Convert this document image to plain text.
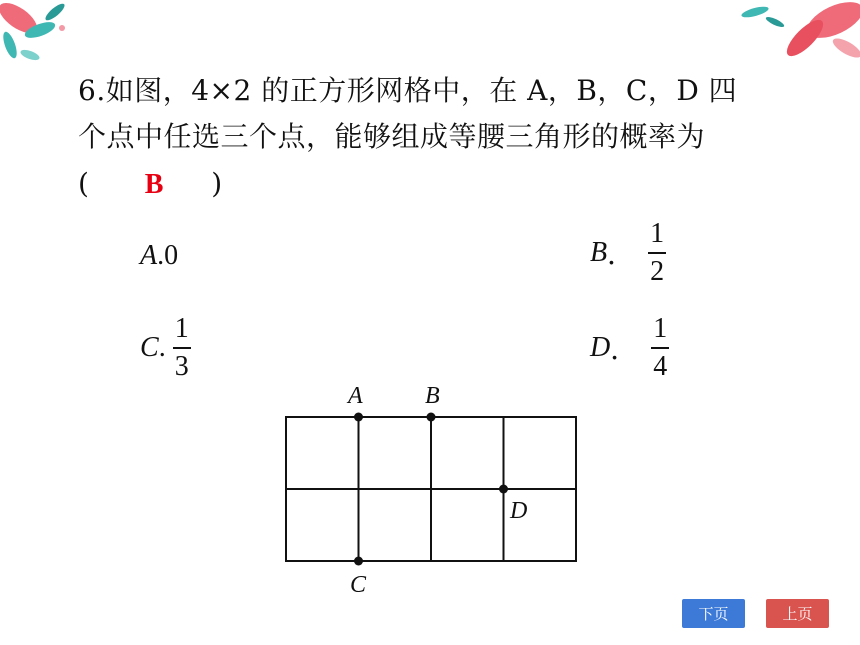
6.如图，4×2 的正方形网格中，在 A，B，C，D 四
个点中任选三个点，能够组成等腰三角形的概率为
( B )
A.0	B． $\frac{1}{2}$
C. $\frac{1}{3}$	D． $\frac{1}{4}$
A	B
C
D
下页	上页
